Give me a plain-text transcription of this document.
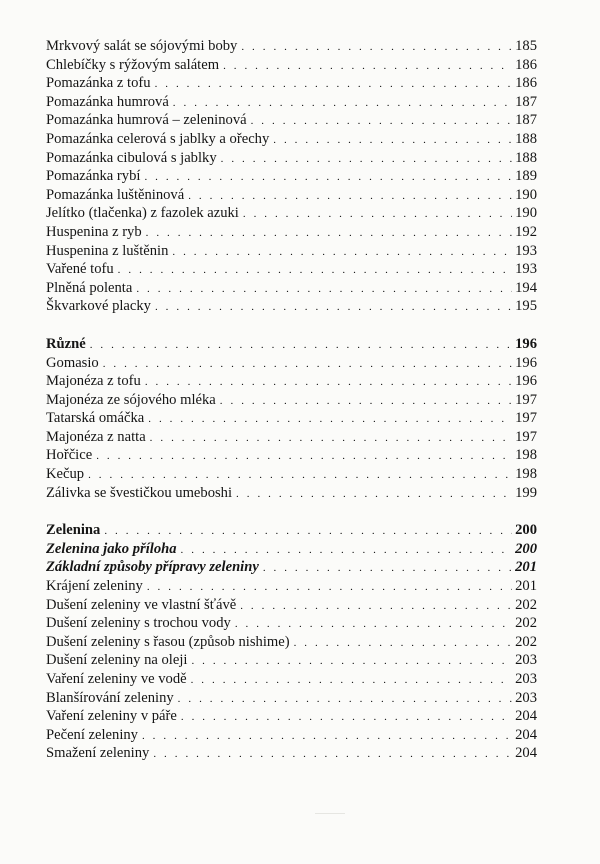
Mrkvový salát se sójovými boby . . .	185
Chlebíčky s rýžovým salátem . . .	186
Pomazánka z tofu . . .	186
Pomazánka humrová . . .	187
Pomazánka humrová – zeleninová . . .	187
Pomazánka celerová s jablky a ořechy . . .	188
Pomazánka cibulová s jablky . . .	188
Pomazánka rybí . . .	189
Pomazánka luštěninová . . .	190
Jelítko (tlačenka) z fazolek azuki . . .	190
Huspenina z ryb . . .	192
Huspenina z luštěnin . . .	193
Vařené tofu . . .	193
Plněná polenta . . .	194
Škvarkové placky . . .	195
Různé . . .	196
Gomasio . . .	196
Majonéza z tofu . . .	196
Majonéza ze sójového mléka . . .	197
Tatarská omáčka . . .	197
Majonéza z natta . . .	197
Hořčice . . .	198
Kečup . . .	198
Zálivka se švestičkou umeboshi . . .	199
Zelenina . . .	200
Zelenina jako příloha . . .	200
Základní způsoby přípravy zeleniny . . .	201
Krájení zeleniny . . .	201
Dušení zeleniny ve vlastní šťávě . . .	202
Dušení zeleniny s trochou vody . . .	202
Dušení zeleniny s řasou (způsob nishime) . . .	202
Dušení zeleniny na oleji . . .	203
Vaření zeleniny ve vodě . . .	203
Blanšírování zeleniny . . .	203
Vaření zeleniny v páře . . .	204
Pečení zeleniny . . .	204
Smažení zeleniny . . .	204
